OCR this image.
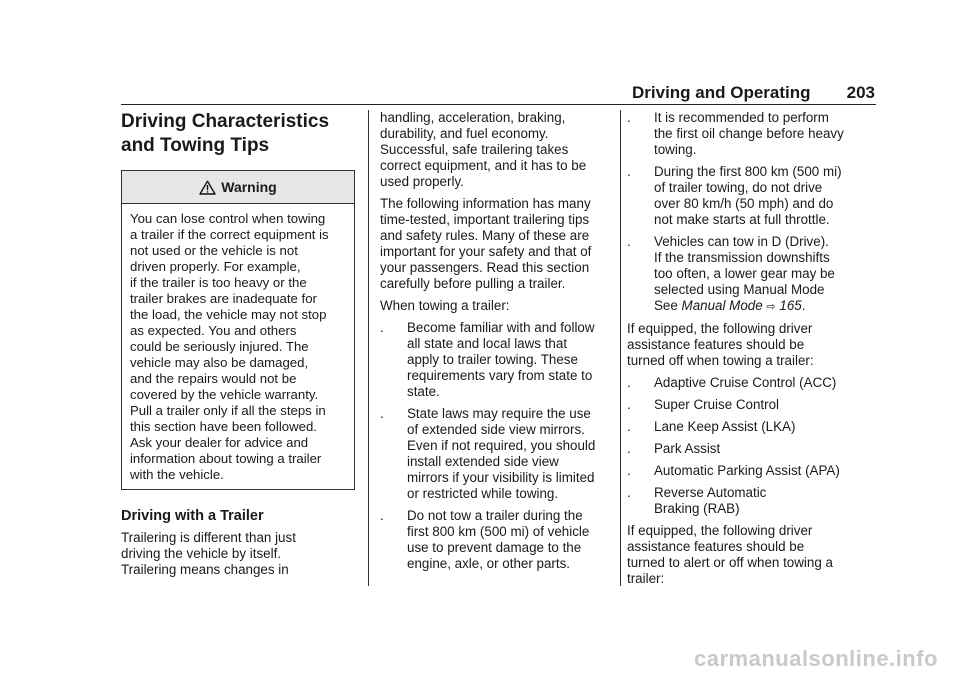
Driving and Operating 203
Driving Characteristics
and Towing Tips
Warning
You can lose control when towing
a trailer if the correct equipment is
not used or the vehicle is not
driven properly. For example,
if the trailer is too heavy or the
trailer brakes are inadequate for
the load, the vehicle may not stop
as expected. You and others
could be seriously injured. The
vehicle may also be damaged,
and the repairs would not be
covered by the vehicle warranty.
Pull a trailer only if all the steps in
this section have been followed.
Ask your dealer for advice and
information about towing a trailer
with the vehicle.
Driving with a Trailer

Trailering is different than just
driving the vehicle by itself.
Trailering means changes in

handling, acceleration, braking,
durability, and fuel economy.
Successful, safe trailering takes
correct equipment, and it has to be
used properly.

The following information has many
time-tested, important trailering tips
and safety rules. Many of these are
important for your safety and that of
your passengers. Read this section
carefully before pulling a trailer.

When towing a trailer:

.	Become familiar with and follow
all state and local laws that
apply to trailer towing. These
requirements vary from state to
state.
.	State laws may require the use
of extended side view mirrors.
Even if not required, you should
install extended side view
mirrors if your visibility is limited
or restricted while towing.
.	Do not tow a trailer during the
first 800 km (500 mi) of vehicle
use to prevent damage to the
engine, axle, or other parts.
.	It is recommended to perform
the first oil change before heavy
towing.
.	During the first 800 km (500 mi)
of trailer towing, do not drive
over 80 km/h (50 mph) and do
not make starts at full throttle.
.	Vehicles can tow in D (Drive).
If the transmission downshifts
too often, a lower gear may be
selected using Manual Mode
See Manual Mode ⇨ 165.

If equipped, the following driver
assistance features should be
turned off when towing a trailer:

.	Adaptive Cruise Control (ACC)
.	Super Cruise Control
.	Lane Keep Assist (LKA)
.	Park Assist
.	Automatic Parking Assist (APA)
.	Reverse Automatic
Braking (RAB)

If equipped, the following driver
assistance features should be
turned to alert or off when towing a
trailer:

carmanualsonline.info
